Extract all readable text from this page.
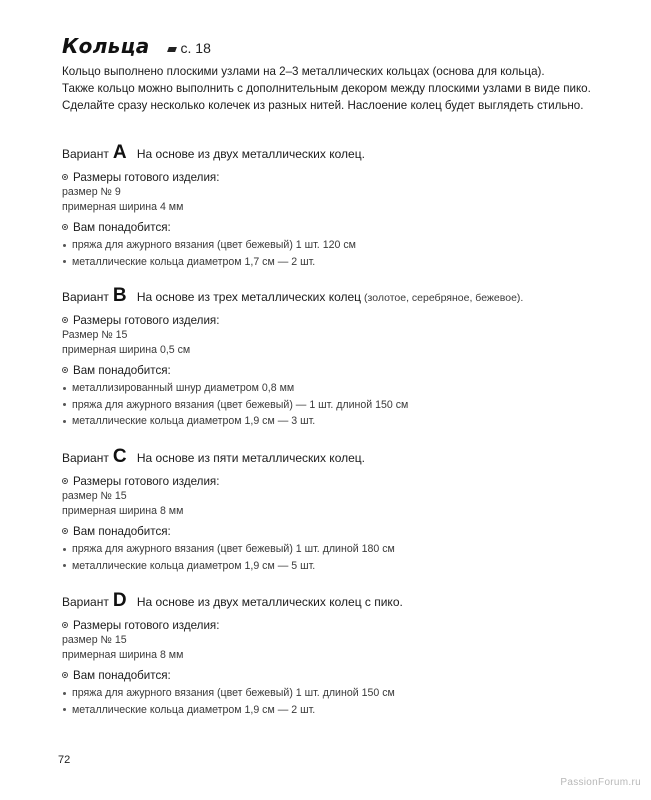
Кольца с. 18

Кольцо выполнено плоскими узлами на 2–3 металлических кольцах (основа для кольца).

Также кольцо можно выполнить с дополнительным декором между плоскими узлами в виде пико.

Сделайте сразу несколько колечек из разных нитей. Наслоение колец будет выглядеть стильно.

Вариант A На основе из двух металлических колец.
Размеры готового изделия:
размер № 9
примерная ширина 4 мм
Вам понадобится:
пряжа для ажурного вязания (цвет бежевый) 1 шт. 120 см
металлические кольца диаметром 1,7 см — 2 шт.
Вариант B На основе из трех металлических колец (золотое, серебряное, бежевое).
Размеры готового изделия:
Размер № 15
примерная ширина 0,5 см
Вам понадобится:
металлизированный шнур диаметром 0,8 мм
пряжа для ажурного вязания (цвет бежевый) — 1 шт. длиной 150 см
металлические кольца диаметром 1,9 см — 3 шт.
Вариант C На основе из пяти металлических колец.
Размеры готового изделия:
размер № 15
примерная ширина 8 мм
Вам понадобится:
пряжа для ажурного вязания (цвет бежевый) 1 шт. длиной 180 см
металлические кольца диаметром 1,9 см — 5 шт.
Вариант D На основе из двух металлических колец с пико.
Размеры готового изделия:
размер № 15
примерная ширина 8 мм
Вам понадобится:
пряжа для ажурного вязания (цвет бежевый) 1 шт. длиной 150 см
металлические кольца диаметром 1,9 см — 2 шт.
72
PassionForum.ru
